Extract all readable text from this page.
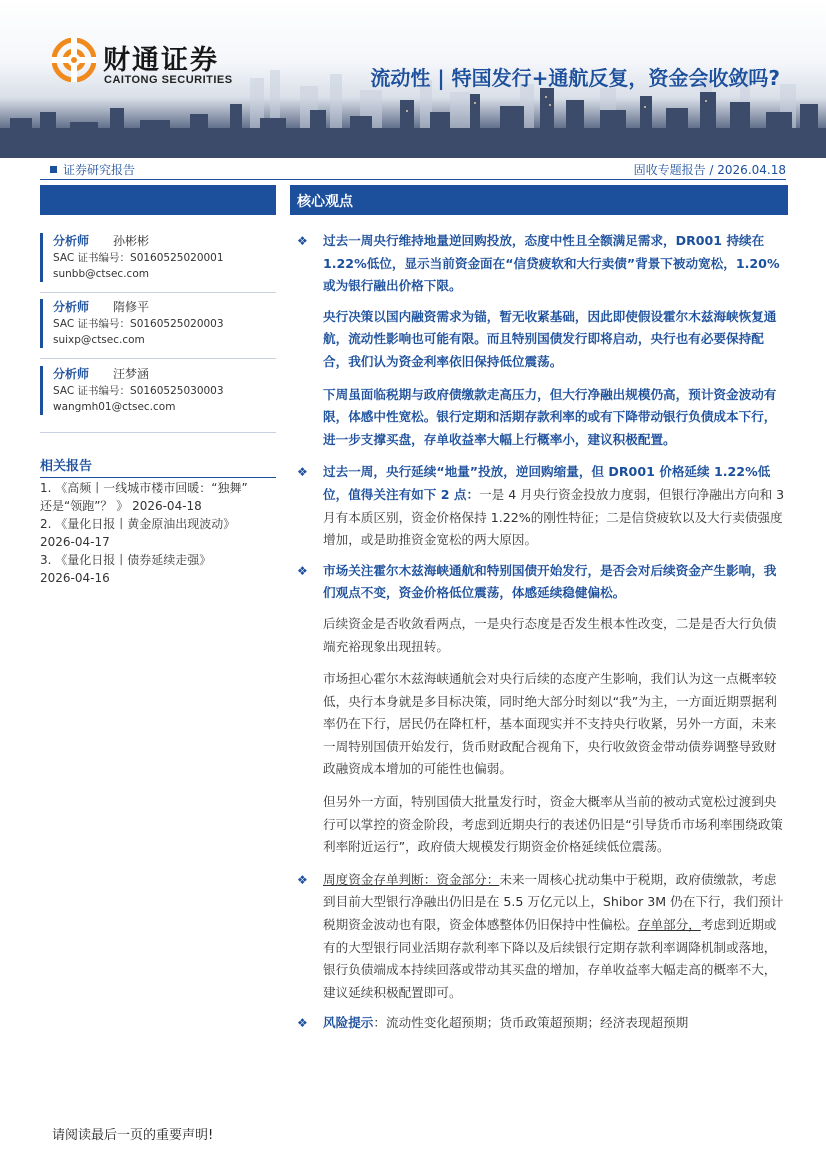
财通证券
CAITONG SECURITIES	流动性 | 特国发行+通航反复，资金会收敛吗?
证券研究报告	固收专题报告 / 2026.04.18
分析师 孙彬彬
SAC 证书编号：S0160525020001
sunbb@ctsec.com
分析师 隋修平
SAC 证书编号：S0160525020003
suixp@ctsec.com
分析师 汪梦涵
SAC 证书编号：S0160525030003
wangmh01@ctsec.com
相关报告
1. 《高频丨一线城市楼市回暖：“独舞”
还是“领跑”？ 》 2026-04-18
2. 《量化日报丨黄金原油出现波动》
2026-04-17
3. 《量化日报丨债券延续走强》
2026-04-16
核心观点
❖ 过去一周央行维持地量逆回购投放，态度中性且全额满足需求，DR001 持续在 1.22%低位，显示当前资金面在“信贷疲软和大行卖债”背景下被动宽松，1.20%或为银行融出价格下限。
央行决策以国内融资需求为锚，暂无收紧基础，因此即使假设霍尔木兹海峡恢复通航，流动性影响也可能有限。而且特别国债发行即将启动，央行也有必要保持配合，我们认为资金利率依旧保持低位震荡。
下周虽面临税期与政府债缴款走高压力，但大行净融出规模仍高，预计资金波动有限，体感中性宽松。银行定期和活期存款利率的或有下降带动银行负债成本下行，进一步支撑买盘，存单收益率大幅上行概率小，建议积极配置。
❖ 过去一周，央行延续“地量”投放，逆回购缩量，但 DR001 价格延续 1.22%低位，值得关注有如下 2 点：一是 4 月央行资金投放力度弱，但银行净融出方向和 3 月有本质区别，资金价格保持 1.22%的刚性特征；二是信贷疲软以及大行卖债强度增加，或是助推资金宽松的两大原因。
❖ 市场关注霍尔木兹海峡通航和特别国债开始发行，是否会对后续资金产生影响，我们观点不变，资金价格低位震荡，体感延续稳健偏松。
后续资金是否收敛看两点，一是央行态度是否发生根本性改变，二是是否大行负债端充裕现象出现扭转。
市场担心霍尔木兹海峡通航会对央行后续的态度产生影响，我们认为这一点概率较低，央行本身就是多目标决策，同时绝大部分时刻以“我”为主，一方面近期票据利率仍在下行，居民仍在降杠杆，基本面现实并不支持央行收紧，另外一方面，未来一周特别国债开始发行，货币财政配合视角下，央行收敛资金带动债券调整导致财政融资成本增加的可能性也偏弱。
但另外一方面，特别国债大批量发行时，资金大概率从当前的被动式宽松过渡到央行可以掌控的资金阶段，考虑到近期央行的表述仍旧是“引导货币市场利率围绕政策利率附近运行”，政府债大规模发行期资金价格延续低位震荡。
❖ 周度资金存单判断：资金部分：未来一周核心扰动集中于税期，政府债缴款，考虑到目前大型银行净融出仍旧是在 5.5 万亿元以上，Shibor 3M 仍在下行，我们预计税期资金波动也有限，资金体感整体仍旧保持中性偏松。存单部分，考虑到近期或有的大型银行同业活期存款利率下降以及后续银行定期存款利率调降机制或落地，银行负债端成本持续回落或带动其买盘的增加，存单收益率大幅走高的概率不大，建议延续积极配置即可。
❖ 风险提示：流动性变化超预期；货币政策超预期；经济表现超预期
请阅读最后一页的重要声明!
